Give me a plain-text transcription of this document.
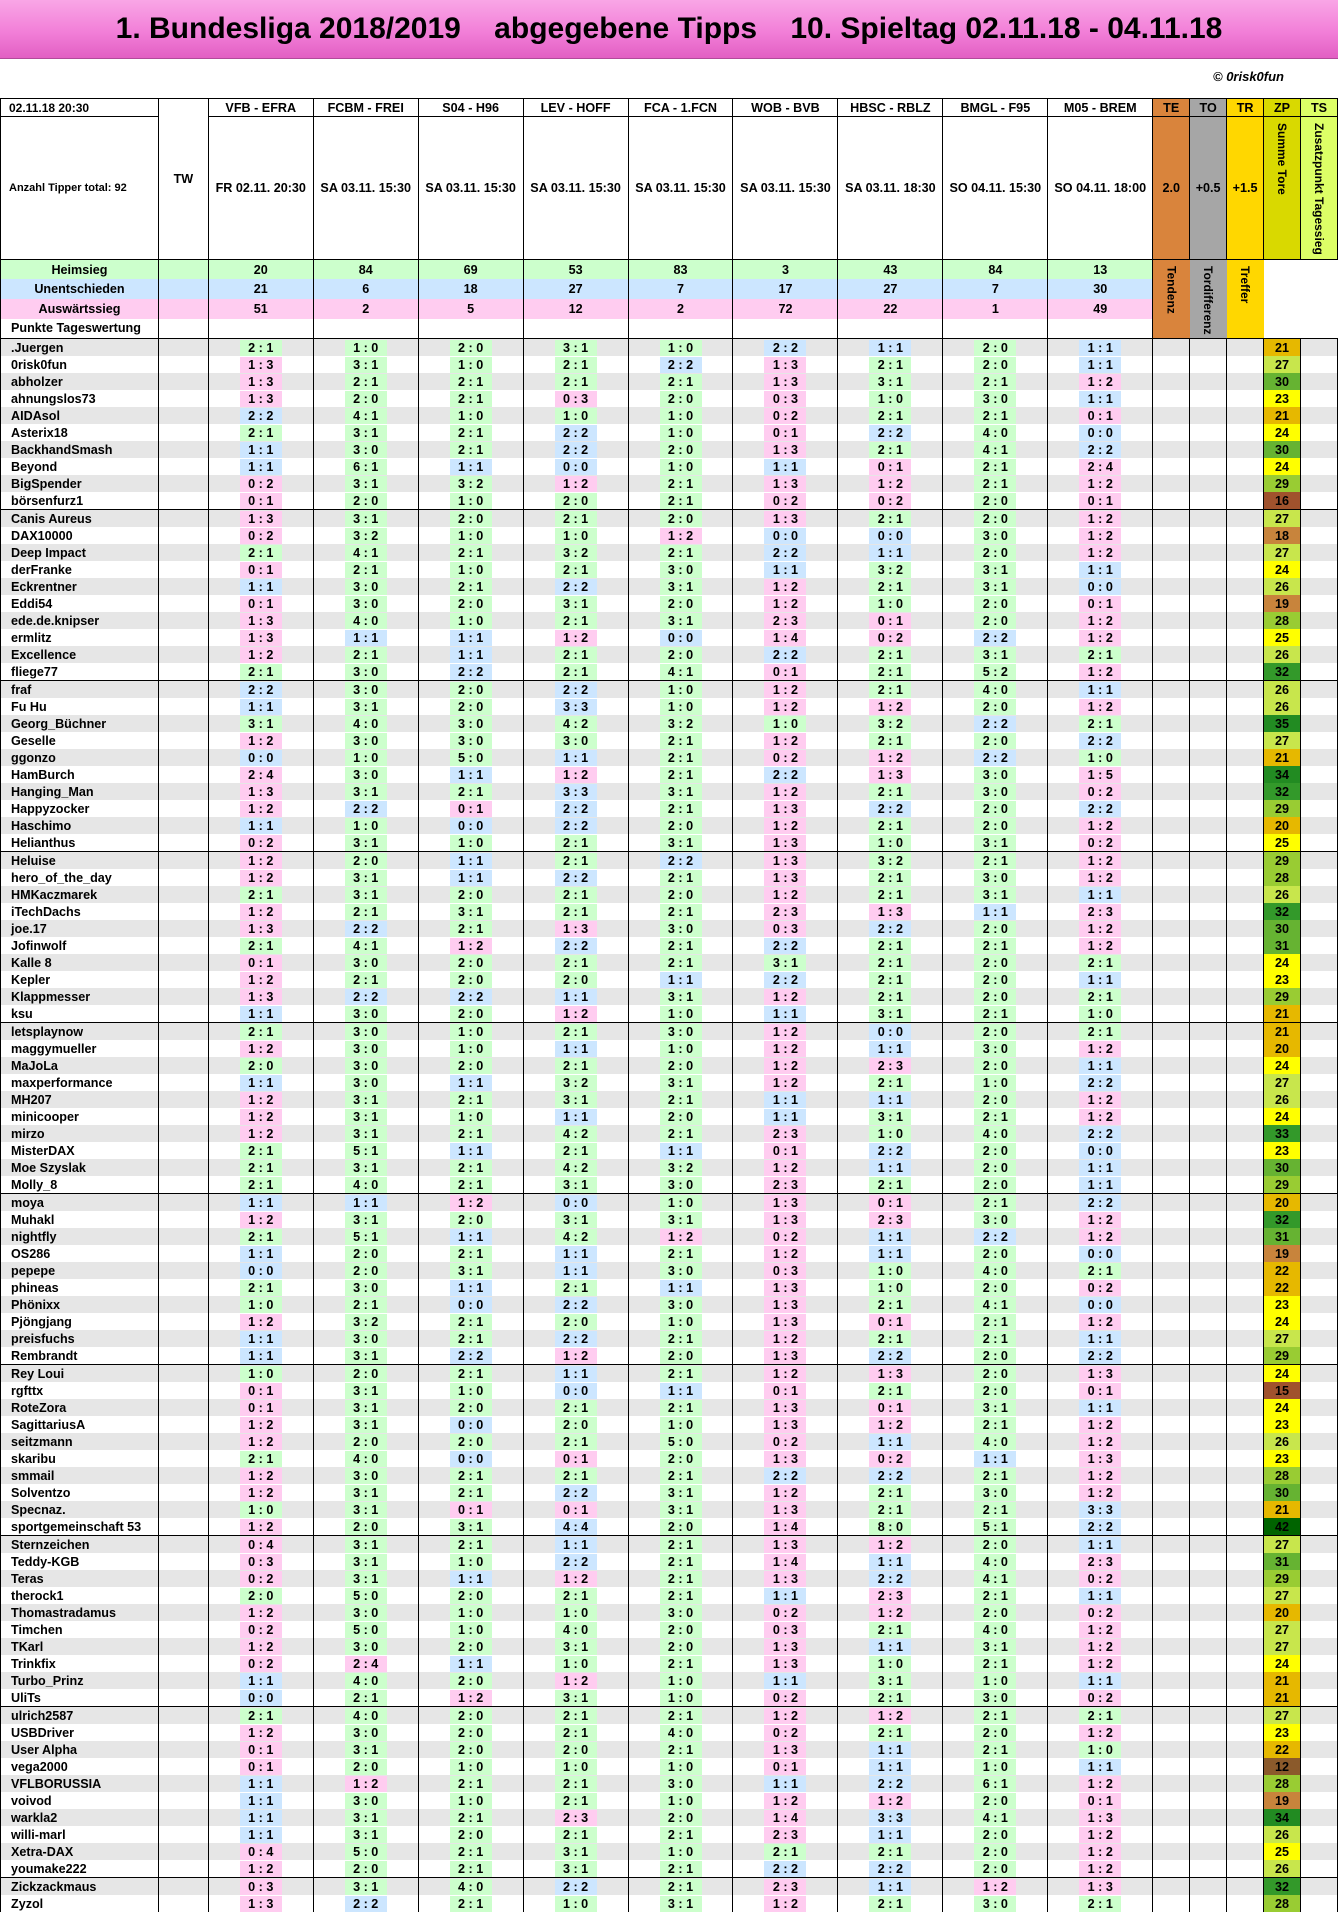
1. Bundesliga 2018/2019    abgegebene Tipps    10. Spieltag 02.11.18 - 04.11.18
© 0risk0fun
02.11.18 20:30	TW	VFB - EFRA	FCBM - FREI	S04 - H96	LEV - HOFF	FCA - 1.FCN	WOB - BVB	HBSC - RBLZ	BMGL - F95	M05 - BREM	TE	TO	TR	ZP	TS
Anzahl Tipper total: 92		FR 02.11. 20:30	SA 03.11. 15:30	SA 03.11. 15:30	SA 03.11. 15:30	SA 03.11. 15:30	SA 03.11. 15:30	SA 03.11. 18:30	SO 04.11. 15:30	SO 04.11. 18:00	2.0	+0.5	+1.5	Summe Tore	Zusatzpunkt Tagessieg
Heimsieg		20	84	69	53	83	3	43	84	13	Tendenz	Tordifferenz	Treffer		
Unentschieden		21	6	18	27	7	17	27	7	30					
Auswärtssieg		51	2	5	12	2	72	22	1	49					
Punkte Tageswertung															
.Juergen		2 : 1	1 : 0	2 : 0	3 : 1	1 : 0	2 : 2	1 : 1	2 : 0	1 : 1				21	
0risk0fun		1 : 3	3 : 1	1 : 0	2 : 1	2 : 2	1 : 3	2 : 1	2 : 0	1 : 1				27	
abholzer		1 : 3	2 : 1	2 : 1	2 : 1	2 : 1	1 : 3	3 : 1	2 : 1	1 : 2				30	
ahnungslos73		1 : 3	2 : 0	2 : 1	0 : 3	2 : 0	0 : 3	1 : 0	3 : 0	1 : 1				23	
AIDAsol		2 : 2	4 : 1	1 : 0	1 : 0	1 : 0	0 : 2	2 : 1	2 : 1	0 : 1				21	
Asterix18		2 : 1	3 : 1	2 : 1	2 : 2	1 : 0	0 : 1	2 : 2	4 : 0	0 : 0				24	
BackhandSmash		1 : 1	3 : 0	2 : 1	2 : 2	2 : 0	1 : 3	2 : 1	4 : 1	2 : 2				30	
Beyond		1 : 1	6 : 1	1 : 1	0 : 0	1 : 0	1 : 1	0 : 1	2 : 1	2 : 4				24	
BigSpender		0 : 2	3 : 1	3 : 2	1 : 2	2 : 1	1 : 3	1 : 2	2 : 1	1 : 2				29	
börsenfurz1		0 : 1	2 : 0	1 : 0	2 : 0	2 : 1	0 : 2	0 : 2	2 : 0	0 : 1				16	
Canis Aureus		1 : 3	3 : 1	2 : 0	2 : 1	2 : 0	1 : 3	2 : 1	2 : 0	1 : 2				27	
DAX10000		0 : 2	3 : 2	1 : 0	1 : 0	1 : 2	0 : 0	0 : 0	3 : 0	1 : 2				18	
Deep Impact		2 : 1	4 : 1	2 : 1	3 : 2	2 : 1	2 : 2	1 : 1	2 : 0	1 : 2				27	
derFranke		0 : 1	2 : 1	1 : 0	2 : 1	3 : 0	1 : 1	3 : 2	3 : 1	1 : 1				24	
Eckrentner		1 : 1	3 : 0	2 : 1	2 : 2	3 : 1	1 : 2	2 : 1	3 : 1	0 : 0				26	
Eddi54		0 : 1	3 : 0	2 : 0	3 : 1	2 : 0	1 : 2	1 : 0	2 : 0	0 : 1				19	
ede.de.knipser		1 : 3	4 : 0	1 : 0	2 : 1	3 : 1	2 : 3	0 : 1	2 : 0	1 : 2				28	
ermlitz		1 : 3	1 : 1	1 : 1	1 : 2	0 : 0	1 : 4	0 : 2	2 : 2	1 : 2				25	
Excellence		1 : 2	2 : 1	1 : 1	2 : 1	2 : 0	2 : 2	2 : 1	3 : 1	2 : 1				26	
fliege77		2 : 1	3 : 0	2 : 2	2 : 1	4 : 1	0 : 1	2 : 1	5 : 2	1 : 2				32	
fraf		2 : 2	3 : 0	2 : 0	2 : 2	1 : 0	1 : 2	2 : 1	4 : 0	1 : 1				26	
Fu Hu		1 : 1	3 : 1	2 : 0	3 : 3	1 : 0	1 : 2	1 : 2	2 : 0	1 : 2				26	
Georg_Büchner		3 : 1	4 : 0	3 : 0	4 : 2	3 : 2	1 : 0	3 : 2	2 : 2	2 : 1				35	
Geselle		1 : 2	3 : 0	3 : 0	3 : 0	2 : 1	1 : 2	2 : 1	2 : 0	2 : 2				27	
ggonzo		0 : 0	1 : 0	5 : 0	1 : 1	2 : 1	0 : 2	1 : 2	2 : 2	1 : 0				21	
HamBurch		2 : 4	3 : 0	1 : 1	1 : 2	2 : 1	2 : 2	1 : 3	3 : 0	1 : 5				34	
Hanging_Man		1 : 3	3 : 1	2 : 1	3 : 3	3 : 1	1 : 2	2 : 1	3 : 0	0 : 2				32	
Happyzocker		1 : 2	2 : 2	0 : 1	2 : 2	2 : 1	1 : 3	2 : 2	2 : 0	2 : 2				29	
Haschimo		1 : 1	1 : 0	0 : 0	2 : 2	2 : 0	1 : 2	2 : 1	2 : 0	1 : 2				20	
Helianthus		0 : 2	3 : 1	1 : 0	2 : 1	3 : 1	1 : 3	1 : 0	3 : 1	0 : 2				25	
Heluise		1 : 2	2 : 0	1 : 1	2 : 1	2 : 2	1 : 3	3 : 2	2 : 1	1 : 2				29	
hero_of_the_day		1 : 2	3 : 1	1 : 1	2 : 2	2 : 1	1 : 3	2 : 1	3 : 0	1 : 2				28	
HMKaczmarek		2 : 1	3 : 1	2 : 0	2 : 1	2 : 0	1 : 2	2 : 1	3 : 1	1 : 1				26	
iTechDachs		1 : 2	2 : 1	3 : 1	2 : 1	2 : 1	2 : 3	1 : 3	1 : 1	2 : 3				32	
joe.17		1 : 3	2 : 2	2 : 1	1 : 3	3 : 0	0 : 3	2 : 2	2 : 0	1 : 2				30	
Jofinwolf		2 : 1	4 : 1	1 : 2	2 : 2	2 : 1	2 : 2	2 : 1	2 : 1	1 : 2				31	
Kalle 8		0 : 1	3 : 0	2 : 0	2 : 1	2 : 1	3 : 1	2 : 1	2 : 0	2 : 1				24	
Kepler		1 : 2	2 : 1	2 : 0	2 : 0	1 : 1	2 : 2	2 : 1	2 : 0	1 : 1				23	
Klappmesser		1 : 3	2 : 2	2 : 2	1 : 1	3 : 1	1 : 2	2 : 1	2 : 0	2 : 1				29	
ksu		1 : 1	3 : 0	2 : 0	1 : 2	1 : 0	1 : 1	3 : 1	2 : 1	1 : 0				21	
letsplaynow		2 : 1	3 : 0	1 : 0	2 : 1	3 : 0	1 : 2	0 : 0	2 : 0	2 : 1				21	
maggymueller		1 : 2	3 : 0	1 : 0	1 : 1	1 : 0	1 : 2	1 : 1	3 : 0	1 : 2				20	
MaJoLa		2 : 0	3 : 0	2 : 0	2 : 1	2 : 0	1 : 2	2 : 3	2 : 0	1 : 1				24	
maxperformance		1 : 1	3 : 0	1 : 1	3 : 2	3 : 1	1 : 2	2 : 1	1 : 0	2 : 2				27	
MH207		1 : 2	3 : 1	2 : 1	3 : 1	2 : 1	1 : 1	1 : 1	2 : 0	1 : 2				26	
minicooper		1 : 2	3 : 1	1 : 0	1 : 1	2 : 0	1 : 1	3 : 1	2 : 1	1 : 2				24	
mirzo		1 : 2	3 : 1	2 : 1	4 : 2	2 : 1	2 : 3	1 : 0	4 : 0	2 : 2				33	
MisterDAX		2 : 1	5 : 1	1 : 1	2 : 1	1 : 1	0 : 1	2 : 2	2 : 0	0 : 0				23	
Moe Szyslak		2 : 1	3 : 1	2 : 1	4 : 2	3 : 2	1 : 2	1 : 1	2 : 0	1 : 1				30	
Molly_8		2 : 1	4 : 0	2 : 1	3 : 1	3 : 0	2 : 3	2 : 1	2 : 0	1 : 1				29	
moya		1 : 1	1 : 1	1 : 2	0 : 0	1 : 0	1 : 3	0 : 1	2 : 1	2 : 2				20	
Muhakl		1 : 2	3 : 1	2 : 0	3 : 1	3 : 1	1 : 3	2 : 3	3 : 0	1 : 2				32	
nightfly		2 : 1	5 : 1	1 : 1	4 : 2	1 : 2	0 : 2	1 : 1	2 : 2	1 : 2				31	
OS286		1 : 1	2 : 0	2 : 1	1 : 1	2 : 1	1 : 2	1 : 1	2 : 0	0 : 0				19	
pepepe		0 : 0	2 : 0	3 : 1	1 : 1	3 : 0	0 : 3	1 : 0	4 : 0	2 : 1				22	
phineas		2 : 1	3 : 0	1 : 1	2 : 1	1 : 1	1 : 3	1 : 0	2 : 0	0 : 2				22	
Phönixx		1 : 0	2 : 1	0 : 0	2 : 2	3 : 0	1 : 3	2 : 1	4 : 1	0 : 0				23	
Pjöngjang		1 : 2	3 : 2	2 : 1	2 : 0	1 : 0	1 : 3	0 : 1	2 : 1	1 : 2				24	
preisfuchs		1 : 1	3 : 0	2 : 1	2 : 2	2 : 1	1 : 2	2 : 1	2 : 1	1 : 1				27	
Rembrandt		1 : 1	3 : 1	2 : 2	1 : 2	2 : 0	1 : 3	2 : 2	2 : 0	2 : 2				29	
Rey Loui		1 : 0	2 : 0	2 : 1	1 : 1	2 : 1	1 : 2	1 : 3	2 : 0	1 : 3				24	
rgfttx		0 : 1	3 : 1	1 : 0	0 : 0	1 : 1	0 : 1	2 : 1	2 : 0	0 : 1				15	
RoteZora		0 : 1	3 : 1	2 : 0	2 : 1	2 : 1	1 : 3	0 : 1	3 : 1	1 : 1				24	
SagittariusA		1 : 2	3 : 1	0 : 0	2 : 0	1 : 0	1 : 3	1 : 2	2 : 1	1 : 2				23	
seitzmann		1 : 2	2 : 0	2 : 0	2 : 1	5 : 0	0 : 2	1 : 1	4 : 0	1 : 2				26	
skaribu		2 : 1	4 : 0	0 : 0	0 : 1	2 : 0	1 : 3	0 : 2	1 : 1	1 : 3				23	
smmail		1 : 2	3 : 0	2 : 1	2 : 1	2 : 1	2 : 2	2 : 2	2 : 1	1 : 2				28	
Solventzo		1 : 2	3 : 1	2 : 1	2 : 2	3 : 1	1 : 2	2 : 1	3 : 0	1 : 2				30	
Specnaz.		1 : 0	3 : 1	0 : 1	0 : 1	3 : 1	1 : 3	2 : 1	2 : 1	3 : 3				21	
sportgemeinschaft 53		1 : 2	2 : 0	3 : 1	4 : 4	2 : 0	1 : 4	8 : 0	5 : 1	2 : 2				42	
Sternzeichen		0 : 4	3 : 1	2 : 1	1 : 1	2 : 1	1 : 3	1 : 2	2 : 0	1 : 1				27	
Teddy-KGB		0 : 3	3 : 1	1 : 0	2 : 2	2 : 1	1 : 4	1 : 1	4 : 0	2 : 3				31	
Teras		0 : 2	3 : 1	1 : 1	1 : 2	2 : 1	1 : 3	2 : 2	4 : 1	0 : 2				29	
therock1		2 : 0	5 : 0	2 : 0	2 : 1	2 : 1	1 : 1	2 : 3	2 : 1	1 : 1				27	
Thomastradamus		1 : 2	3 : 0	1 : 0	1 : 0	3 : 0	0 : 2	1 : 2	2 : 0	0 : 2				20	
Timchen		0 : 2	5 : 0	1 : 0	4 : 0	2 : 0	0 : 3	2 : 1	4 : 0	1 : 2				27	
TKarl		1 : 2	3 : 0	2 : 0	3 : 1	2 : 0	1 : 3	1 : 1	3 : 1	1 : 2				27	
Trinkfix		0 : 2	2 : 4	1 : 1	1 : 0	2 : 1	1 : 3	1 : 0	2 : 1	1 : 2				24	
Turbo_Prinz		1 : 1	4 : 0	2 : 0	1 : 2	1 : 0	1 : 1	3 : 1	1 : 0	1 : 1				21	
UliTs		0 : 0	2 : 1	1 : 2	3 : 1	1 : 0	0 : 2	2 : 1	3 : 0	0 : 2				21	
ulrich2587		2 : 1	4 : 0	2 : 0	2 : 1	2 : 1	1 : 2	1 : 2	2 : 1	2 : 1				27	
USBDriver		1 : 2	3 : 0	2 : 0	2 : 1	4 : 0	0 : 2	2 : 1	2 : 0	1 : 2				23	
User Alpha		0 : 1	3 : 1	2 : 0	2 : 0	2 : 1	1 : 3	1 : 1	2 : 1	1 : 0				22	
vega2000		0 : 1	2 : 0	1 : 0	1 : 0	1 : 0	0 : 1	1 : 1	1 : 0	1 : 1				12	
VFLBORUSSIA		1 : 1	1 : 2	2 : 1	2 : 1	3 : 0	1 : 1	2 : 2	6 : 1	1 : 2				28	
voivod		1 : 1	3 : 0	1 : 0	2 : 1	1 : 0	1 : 2	1 : 2	2 : 0	0 : 1				19	
warkla2		1 : 1	3 : 1	2 : 1	2 : 3	2 : 0	1 : 4	3 : 3	4 : 1	1 : 3				34	
willi-marl		1 : 1	3 : 1	2 : 0	2 : 1	2 : 1	2 : 3	1 : 1	2 : 0	1 : 2				26	
Xetra-DAX		0 : 4	5 : 0	2 : 1	3 : 1	1 : 0	2 : 1	2 : 1	2 : 0	1 : 2				25	
youmake222		1 : 2	2 : 0	2 : 1	3 : 1	2 : 1	2 : 2	2 : 2	2 : 0	1 : 2				26	
Zickzackmaus		0 : 3	3 : 1	4 : 0	2 : 2	2 : 1	2 : 3	1 : 1	1 : 2	1 : 3				32	
Zyzol		1 : 3	2 : 2	2 : 1	1 : 0	3 : 1	1 : 2	2 : 1	3 : 0	2 : 1				28	
